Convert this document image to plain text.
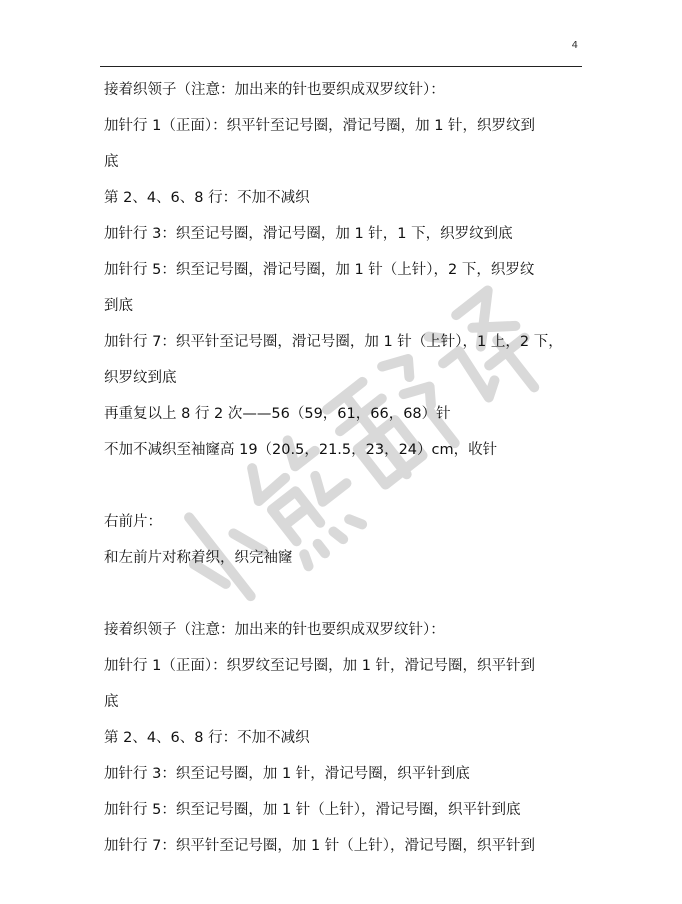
4
接着织领子（注意：加出来的针也要织成双罗纹针）：
加针行 1（正面）：织平针至记号圈，滑记号圈，加 1 针，织罗纹到
底
第 2、4、6、8 行：不加不减织
加针行 3：织至记号圈，滑记号圈，加 1 针，1 下，织罗纹到底
加针行 5：织至记号圈，滑记号圈，加 1 针（上针），2 下，织罗纹
到底
加针行 7：织平针至记号圈，滑记号圈，加 1 针（上针），1 上，2 下，
织罗纹到底
再重复以上 8 行 2 次——56（59，61，66，68）针
不加不减织至袖窿高 19（20.5，21.5，23，24）cm，收针
右前片：
和左前片对称着织，织完袖窿
接着织领子（注意：加出来的针也要织成双罗纹针）：
加针行 1（正面）：织罗纹至记号圈，加 1 针，滑记号圈，织平针到
底
第 2、4、6、8 行：不加不减织
加针行 3：织至记号圈，加 1 针，滑记号圈，织平针到底
加针行 5：织至记号圈，加 1 针（上针），滑记号圈，织平针到底
加针行 7：织平针至记号圈，加 1 针（上针），滑记号圈，织平针到
